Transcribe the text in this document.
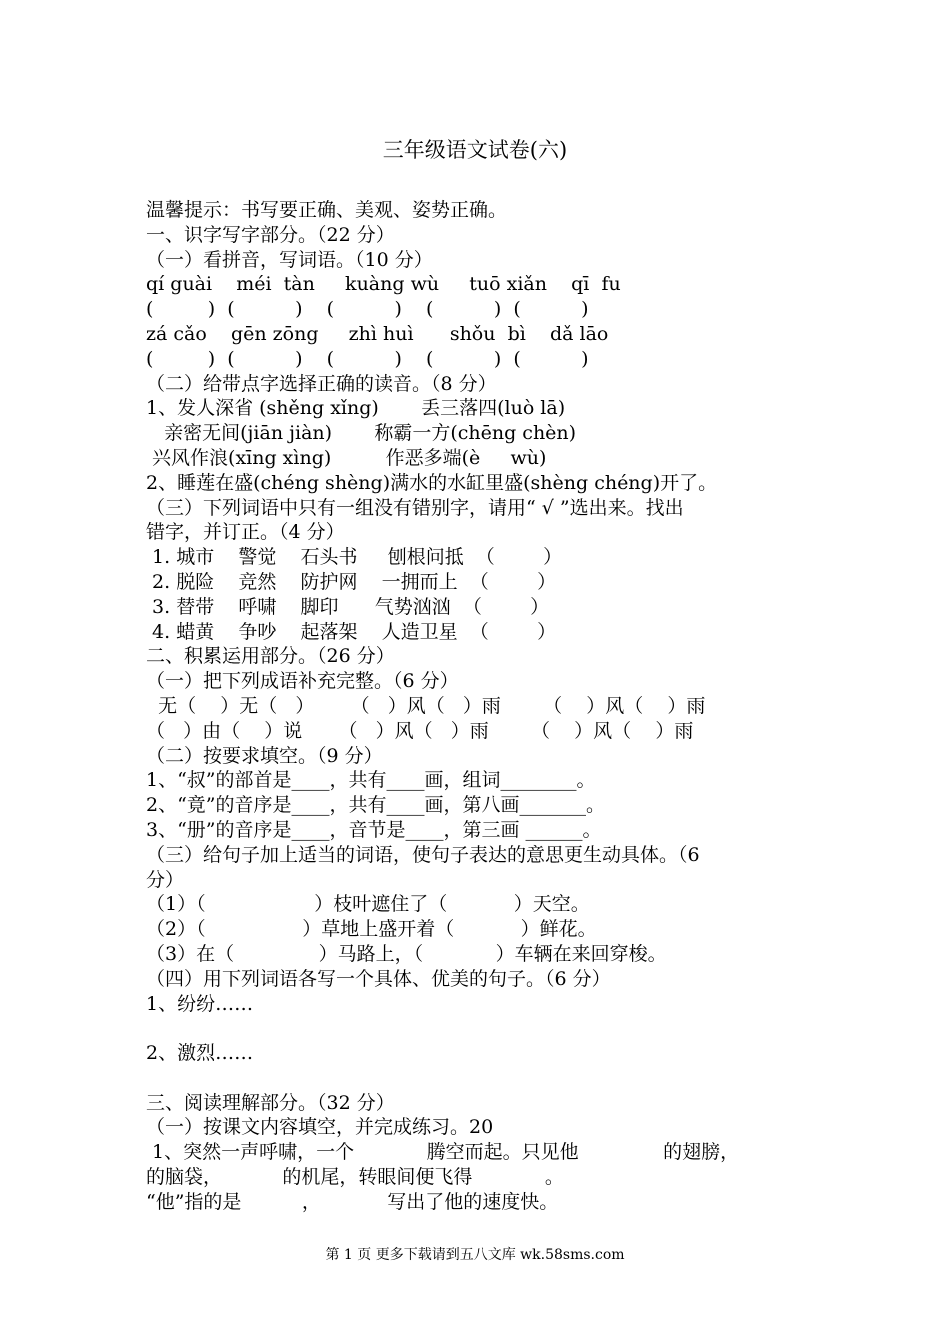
三年级语文试卷(六)
温馨提示：书写要正确、美观、姿势正确。
一、识字写字部分。（22 分）
（一）看拼音，写词语。（10 分）
qí guài    méi  tàn     kuàng wù     tuō xiǎn    qī  fu
(         )  (          )    (          )    (          )  (          )
zá cǎo    gēn zōng     zhì huì      shǒu  bì    dǎ lāo
(         )  (          )    (          )    (          )  (          )
（二）给带点字选择正确的读音。（8 分）
1、发人深省 (shěng xǐng)       丢三落四(luò lā)
亲密无间(jiān jiàn)       称霸一方(chēng chèn)
兴风作浪(xīng xìng)         作恶多端(è     wù)
2、睡莲在盛(chéng shèng)满水的水缸里盛(shèng chéng)开了。
（三）下列词语中只有一组没有错别字，请用“ √ ”选出来。找出
错字，并订正。（4 分）
1. 城市    警觉    石头书     刨根问抵  （        ）
2. 脱险    竞然    防护网    一拥而上  （        ）
3. 替带    呼啸    脚印      气势汹汹  （        ）
4. 蜡黄    争吵    起落架    人造卫星  （        ）
二、积累运用部分。（26 分）
（一）把下列成语补充完整。（6 分）
无（    ）无（   ）      （   ）风（   ）雨       （    ）风（    ）雨
（   ）由（    ）说      （   ）风（   ）雨       （    ）风（    ）雨
（二）按要求填空。（9 分）
1、“叔”的部首是____，共有____画，组词________。
2、“竟”的音序是____，共有____画，第八画_______。
3、“册”的音序是____，音节是____，第三画 ______。
（三）给句子加上适当的词语，使句子表达的意思更生动具体。（6
分）
（1）（                  ）枝叶遮住了（           ）天空。
（2）（                ）草地上盛开着（           ）鲜花。
（3）在（              ）马路上，（            ）车辆在来回穿梭。
（四）用下列词语各写一个具体、优美的句子。（6 分）
1、纷纷……
2、激烈……
三、阅读理解部分。（32 分）
（一）按课文内容填空，并完成练习。20
1、突然一声呼啸，一个            腾空而起。只见他              的翅膀，
的脑袋，          的机尾，转眼间便飞得            。
“他”指的是          ，           写出了他的速度快。
第 1 页 更多下载请到五八文库 wk.58sms.com
